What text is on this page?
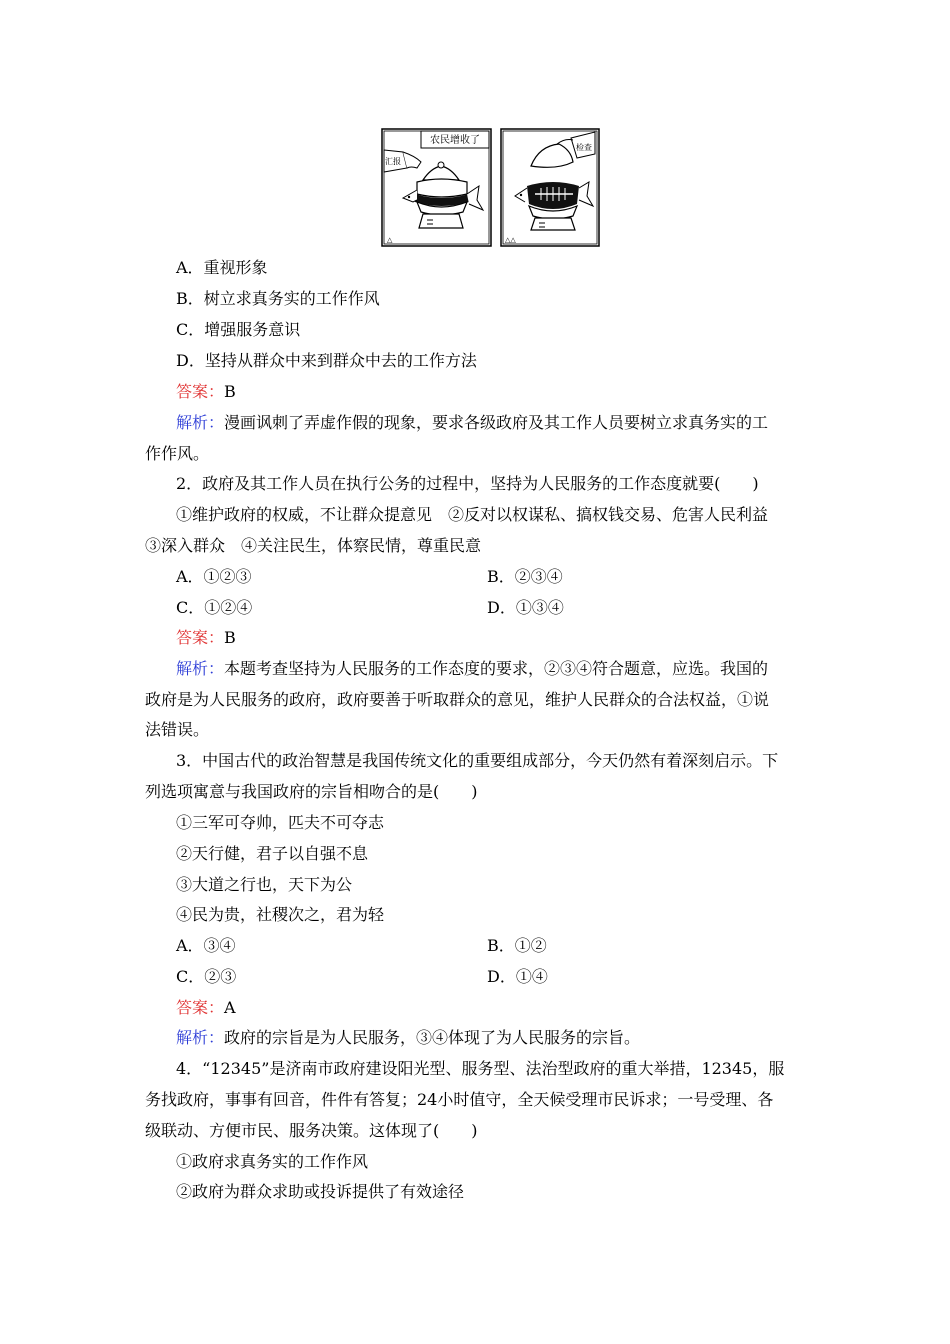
农民增收了
汇报
△
检查
△△
A．重视形象
B．树立求真务实的工作作风
C．增强服务意识
D．坚持从群众中来到群众中去的工作方法
答案：B
解析：漫画讽刺了弄虚作假的现象，要求各级政府及其工作人员要树立求真务实的工
作作风。
2．政府及其工作人员在执行公务的过程中，坚持为人民服务的工作态度就要(　　)
①维护政府的权威，不让群众提意见　②反对以权谋私、搞权钱交易、危害人民利益
③深入群众　④关注民生，体察民情，尊重民意
A．①②③	B．②③④
C．①②④	D．①③④
答案：B
解析：本题考查坚持为人民服务的工作态度的要求，②③④符合题意，应选。我国的
政府是为人民服务的政府，政府要善于听取群众的意见，维护人民群众的合法权益，①说
法错误。
3．中国古代的政治智慧是我国传统文化的重要组成部分，今天仍然有着深刻启示。下
列选项寓意与我国政府的宗旨相吻合的是(　　)
①三军可夺帅，匹夫不可夺志
②天行健，君子以自强不息
③大道之行也，天下为公
④民为贵，社稷次之，君为轻
A．③④	B．①②
C．②③	D．①④
答案：A
解析：政府的宗旨是为人民服务，③④体现了为人民服务的宗旨。
4．“12345”是济南市政府建设阳光型、服务型、法治型政府的重大举措，12345，服
务找政府，事事有回音，件件有答复；24小时值守，全天候受理市民诉求；一号受理、各
级联动、方便市民、服务决策。这体现了(　　)
①政府求真务实的工作作风
②政府为群众求助或投诉提供了有效途径
